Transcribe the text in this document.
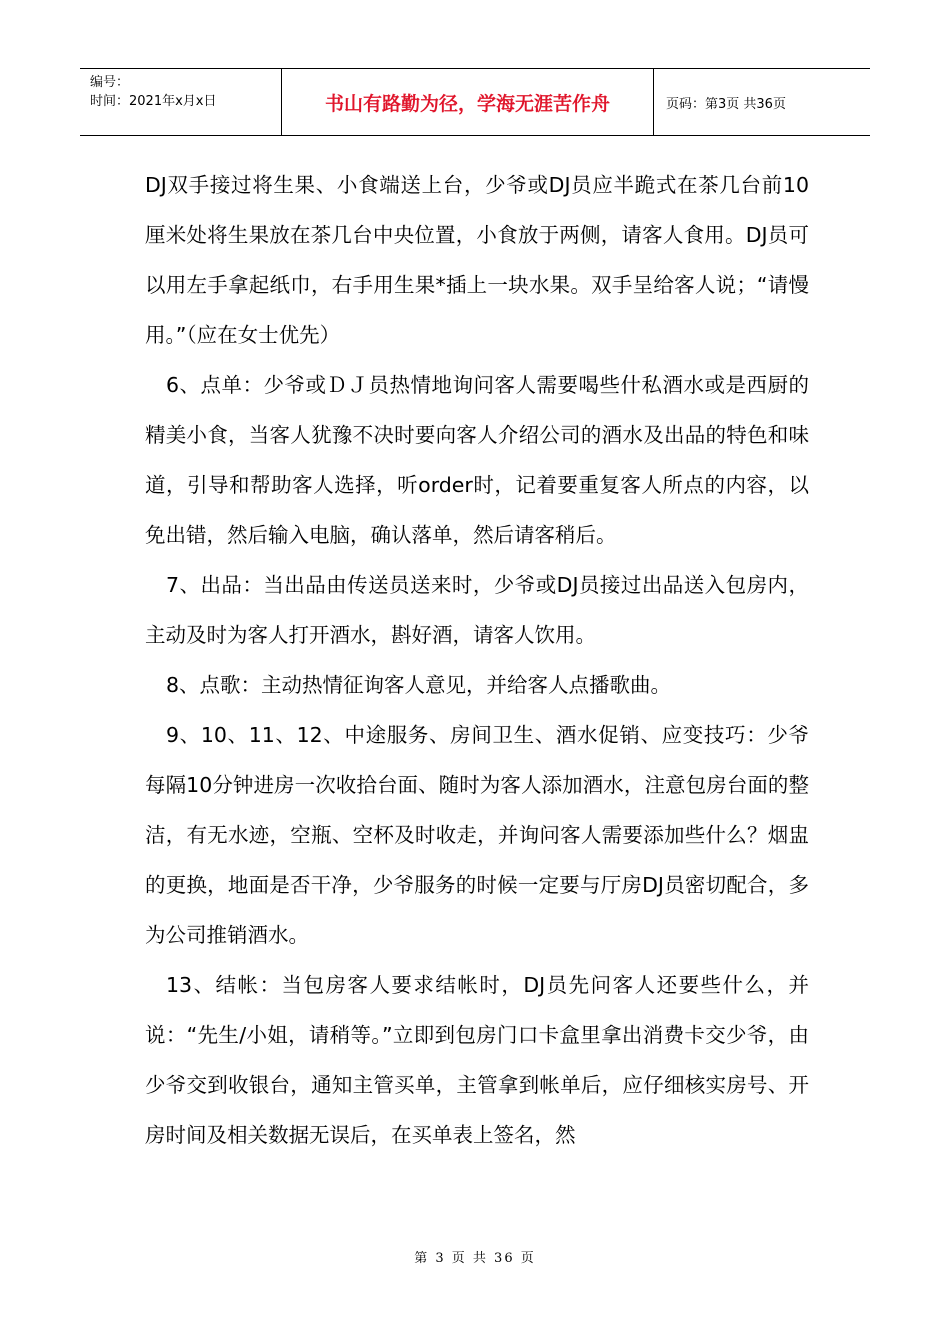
编号：
时间：2021年x月x日	书山有路勤为径，学海无涯苦作舟	页码：第3页 共36页

DJ双手接过将生果、小食端送上台，少爷或DJ员应半跪式在茶几台前10厘米处将生果放在茶几台中央位置，小食放于两侧，请客人食用。DJ员可以用左手拿起纸巾，右手用生果*插上一块水果。双手呈给客人说；“请慢用。”（应在女士优先）

6、点单：少爷或ＤＪ员热情地询问客人需要喝些什私酒水或是西厨的精美小食，当客人犹豫不决时要向客人介绍公司的酒水及出品的特色和味道，引导和帮助客人选择，听order时，记着要重复客人所点的内容，以免出错，然后输入电脑，确认落单，然后请客稍后。

7、出品：当出品由传送员送来时，少爷或DJ员接过出品送入包房内，主动及时为客人打开酒水，斟好酒，请客人饮用。

8、点歌：主动热情征询客人意见，并给客人点播歌曲。

9、10、11、12、中途服务、房间卫生、酒水促销、应变技巧：少爷每隔10分钟进房一次收拾台面、随时为客人添加酒水，注意包房台面的整洁，有无水迹，空瓶、空杯及时收走，并询问客人需要添加些什么？烟盅的更换，地面是否干净，少爷服务的时候一定要与厅房DJ员密切配合，多为公司推销酒水。

13、结帐：当包房客人要求结帐时，DJ员先问客人还要些什么，并说：“先生/小姐，请稍等。”立即到包房门口卡盒里拿出消费卡交少爷，由少爷交到收银台，通知主管买单，主管拿到帐单后，应仔细核实房号、开房时间及相关数据无误后，在买单表上签名，然

第 3 页 共 36 页
